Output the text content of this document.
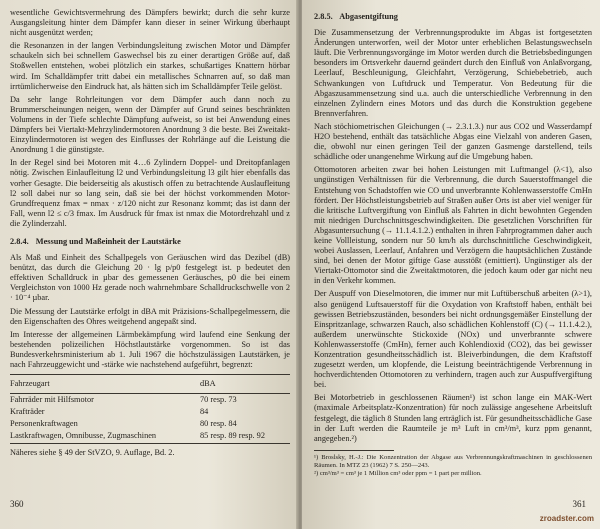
wesentliche Gewichtsvermehrung des Dämpfers bewirkt; durch die sehr kurze Ausgangsleitung hinter dem Dämpfer kann dieser in seiner Wirkung überhaupt nicht ausgenützt werden;

die Resonanzen in der langen Verbindungsleitung zwischen Motor und Dämpfer schaukeln sich bei schnellem Gaswechsel bis zu einer derartigen Größe auf, daß Stoßwellen entstehen, wobei plötzlich ein starkes, schußartiges Knattern hörbar wird. Im Schalldämpfer tritt dabei ein metallisches Schnarren auf, so daß man irrtümlicherweise den Eindruck hat, als hätten sich im Schalldämpfer Teile gelöst.

Da sehr lange Rohrleitungen vor dem Dämpfer auch dann noch zu Brummerscheinungen neigen, wenn der Dämpfer auf Grund seines beschränkten Volumens in der Tiefe schlechte Dämpfung aufweist, so ist bei Anwendung eines Dämpfers bei Viertakt-Mehrzylindermotoren Anordnung 3 die beste. Bei Zweitakt-Einzylindermotoren ist wegen des Einflusses der Rohrlänge auf die Leistung die Anordnung 1 die günstigste.

In der Regel sind bei Motoren mit 4…6 Zylindern Doppel- und Dreitopfanlagen nötig. Zwischen Einlaufleitung l2 und Verbindungsleitung l3 gilt hier ebenfalls das vorher Gesagte. Die beiderseitig als akustisch offen zu betrachtende Auslaufleitung l2 soll dabei nur so lang sein, daß sie bei der höchst vorkommenden Motor-Grundfrequenz fmax = nmax · z/120 nicht zur Resonanz kommt; das ist dann der Fall, wenn l2 ≤ c/3 fmax. Im Ausdruck für fmax ist nmax die Motordrehzahl und z die Zylinderzahl.

2.8.4. Messung und Maßeinheit der Lautstärke

Als Maß und Einheit des Schallpegels von Geräuschen wird das Dezibel (dB) benützt, das durch die Gleichung 20 · lg p/p0 festgelegt ist. p bedeutet den effektiven Schalldruck in µbar des gemessenen Geräusches, p0 die bei einem Vergleichston von 1000 Hz gerade noch wahrnehmbare Schalldruckschwelle von 2 · 10⁻⁴ µbar.

Die Messung der Lautstärke erfolgt in dBA mit Präzisions-Schallpegelmessern, die den Eigenschaften des Ohres weitgehend angepaßt sind.

Im Interesse der allgemeinen Lärmbekämpfung wird laufend eine Senkung der bestehenden polizeilichen Höchstlautstärke vorgenommen. So ist das Bundesverkehrsministerium ab 1. Juli 1967 die höchstzulässigen Lautstärken, je nach Fahrzeuggewicht und -stärke wie nachstehend aufgeführt, begrenzt:

Fahrzeugart	dBA

Fahrräder mit Hilfsmotor	70 resp. 73
Krafträder	84
Personenkraftwagen	80 resp. 84
Lastkraftwagen, Omnibusse, Zugmaschinen	85 resp. 89 resp. 92

Näheres siehe § 49 der StVZO, 9. Auflage, Bd. 2.
360
2.8.5. Abgasentgiftung

Die Zusammensetzung der Verbrennungsprodukte im Abgas ist fortgesetzten Änderungen unterworfen, weil der Motor unter erheblichen Belastungswechseln läuft. Die Verbrennungsvorgänge im Motor werden durch die Betriebsbedingungen besonders im Ortsverkehr dauernd geändert durch den Einfluß von Anlaßvorgang, Leerlauf, Beschleunigung, Gleichfahrt, Verzögerung, Schiebebetrieb, auch Schwankungen von Luftdruck und Temperatur. Von Bedeutung für die Abgaszusammensetzung sind u.a. auch die unterschiedliche Verbrennung in den einzelnen Zylindern eines Motors und das durch die Konstruktion gegebene Brennverfahren.

Nach stöchiometrischen Gleichungen (→ 2.3.1.3.) nur aus CO2 und Wasserdampf H2O bestehend, enthält das tatsächliche Abgas eine Vielzahl von anderen Gasen, die, obwohl nur einen geringen Teil der ganzen Gasmenge darstellend, teils schädliche oder unangenehme Wirkung auf die Umgebung haben.

Ottomotoren arbeiten zwar bei hohen Leistungen mit Luftmangel (λ<1), also ungünstigen Verhältnissen für die Verbrennung, die durch Sauerstoffmangel die Entstehung von Schadstoffen wie CO und unverbrannte Kohlenwasserstoffe CmHn fördert. Der Höchstleistungsbetrieb auf Straßen außer Orts ist aber viel weniger für die kritische Luftvergiftung von Einfluß als Fahrten in dicht bewohnten Gegenden mit niedrigen Durchschnittsgeschwindigkeiten. Die gesetzlichen Vorschriften für Abgasuntersuchung (→ 11.1.4.1.2.) enthalten in ihren Fahrprogrammen daher auch keine Vollleistung, sondern nur 50 km/h als durchschnittliche Geschwindigkeit, wobei Auslassen, Leerlauf, Anfahren und Verzögern die hauptsächlichen Zustände sind, bei denen der Motor giftige Gase ausstößt (emittiert). Ungünstiger als der Viertakt-Ottomotor sind die Zweitaktmotoren, die jedoch kaum oder gar nicht neu in den Verkehr kommen.

Der Auspuff von Dieselmotoren, die immer nur mit Luftüberschuß arbeiten (λ>1), also genügend Luftsauerstoff für die Oxydation von Kraftstoff haben, enthält bei gewissen Betriebszuständen, besonders bei nicht ordnungsgemäßer Einstellung der Einspritzanlage, schwarzen Rauch, also schädlichen Kohlenstoff (C) (→ 11.1.4.2.), außerdem unerwünschte Stickoxide (NOx) und unverbrannte schwere Kohlenwasserstoffe (CmHn), ferner auch Kohlendioxid (CO2), das bei gewisser Konzentration gesundheitsschädlich ist. Bleiverbindungen, die dem Kraftstoff zugesetzt werden, um klopfende, die Leistung beeinträchtigende Verbrennung in hochverdichtenden Ottomotoren zu verhindern, tragen auch zur Auspuffvergiftung bei.

Bei Motorbetrieb in geschlossenen Räumen¹) ist schon lange ein MAK-Wert (maximale Arbeitsplatz-Konzentration) für noch zulässige angesehene Arbeitsluft festgelegt, die täglich 8 Stunden lang erträglich ist. Für gesundheitsschädliche Gase in der Luft werden die Raumteile je m³ Luft in cm³/m³, kurz ppm genannt, angegeben.²)

¹) Broslsky, H.-J.: Die Konzentration der Abgase aus Verbrennungskraftmaschinen in geschlossenen Räumen. In MTZ 23 (1962) 7 S. 250—243.
²) cm³/m³ = cm³ je 1 Million cm³ oder ppm = 1 part per million.
361
zroadster.com
